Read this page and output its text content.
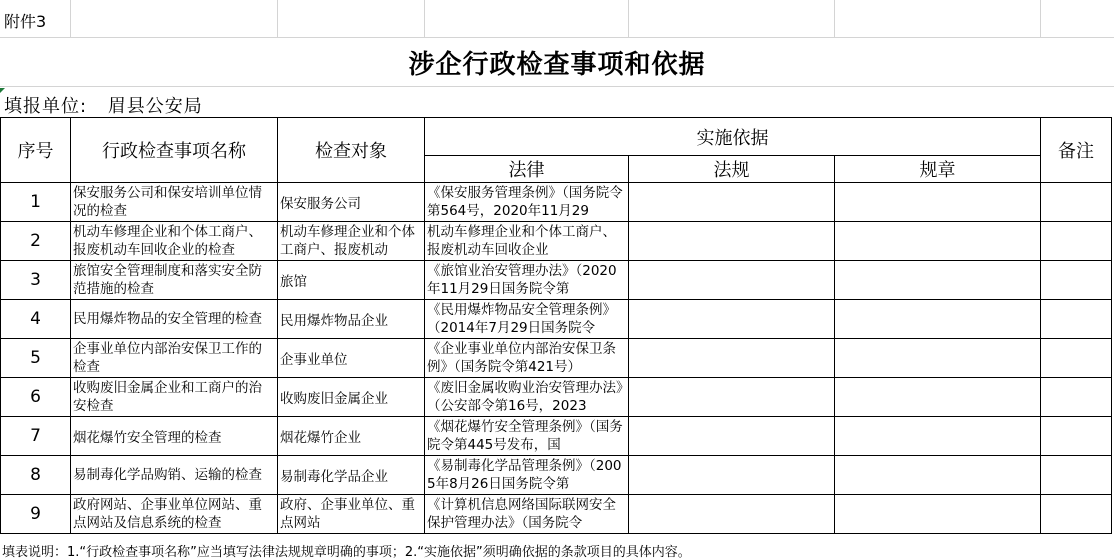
附件3
涉企行政检查事项和依据
填报单位: 眉县公安局
序号	行政检查事项名称	检查对象	实施依据			备注
			法律	法规	规章	
1	保安服务公司和保安培训单位情况的检查	保安服务公司	《保安服务管理条例》（国务院令第564号，2020年11月29			

2	机动车修理企业和个体工商户、报废机动车回收企业的检查	机动车修理企业和个体工商户、报废机动	机动车修理企业和个体工商户、报废机动车回收企业			

3	旅馆安全管理制度和落实安全防范措施的检查	旅馆	《旅馆业治安管理办法》（2020年11月29日国务院令第			

4	民用爆炸物品的安全管理的检查	民用爆炸物品企业	《民用爆炸物品安全管理条例》（2014年7月29日国务院令			

5	企事业单位内部治安保卫工作的检查	企事业单位	《企业事业单位内部治安保卫条例》（国务院令第421号）			

6	收购废旧金属企业和工商户的治安检查	收购废旧金属企业	《废旧金属收购业治安管理办法》（公安部令第16号，2023			

7	烟花爆竹安全管理的检查	烟花爆竹企业	《烟花爆竹安全管理条例》（国务院令第445号发布，国			

8	易制毒化学品购销、运输的检查	易制毒化学品企业	《易制毒化学品管理条例》（2005年8月26日国务院令第			

9	政府网站、企事业单位网站、重点网站及信息系统的检查	政府、企事业单位、重点网站	《计算机信息网络国际联网安全保护管理办法》（国务院令			

填表说明：1.“行政检查事项名称”应当填写法律法规规章明确的事项；2.“实施依据”须明确依据的条款项目的具体内容。
